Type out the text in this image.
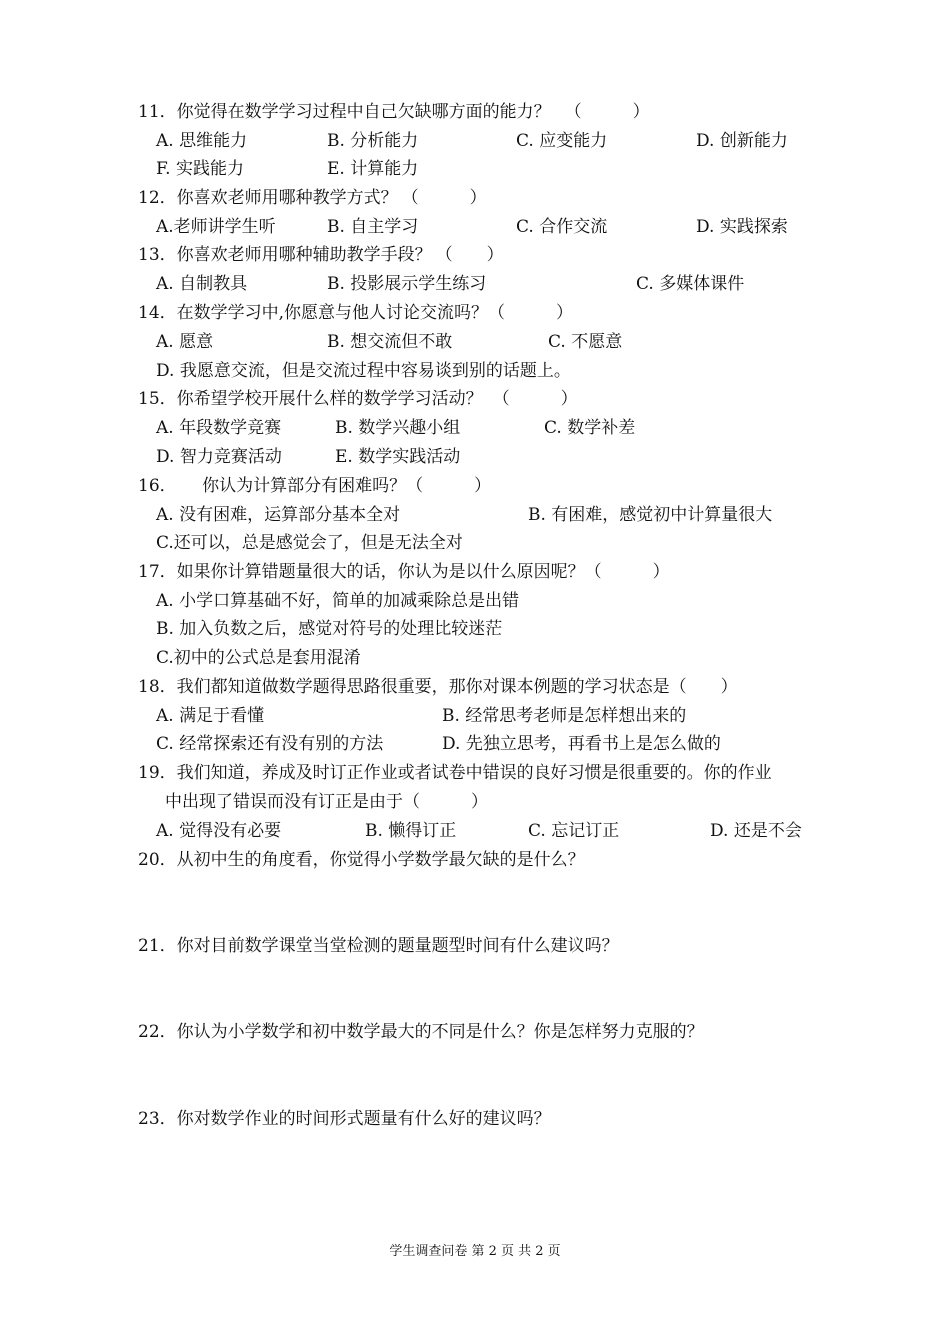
11．你觉得在数学学习过程中自己欠缺哪方面的能力？ （　　　）
A. 思维能力	B. 分析能力	C. 应变能力	D. 创新能力
F. 实践能力	E. 计算能力
12．你喜欢老师用哪种教学方式？ （　　　）
A.老师讲学生听	B. 自主学习	C. 合作交流	D. 实践探索
13．你喜欢老师用哪种辅助教学手段？ （　　）
A. 自制教具	B. 投影展示学生练习	C. 多媒体课件
14．在数学学习中,你愿意与他人讨论交流吗？（　　　）
A. 愿意	B. 想交流但不敢	C. 不愿意
D. 我愿意交流，但是交流过程中容易谈到别的话题上。
15．你希望学校开展什么样的数学学习活动？ （　　　）
A. 年段数学竞赛	B. 数学兴趣小组	C. 数学补差
D. 智力竞赛活动	E. 数学实践活动
16．　　你认为计算部分有困难吗？（　　　）
A. 没有困难，运算部分基本全对	B. 有困难，感觉初中计算量很大
C.还可以，总是感觉会了，但是无法全对
17．如果你计算错题量很大的话，你认为是以什么原因呢？（　　　）
A. 小学口算基础不好，简单的加减乘除总是出错
B. 加入负数之后，感觉对符号的处理比较迷茫
C.初中的公式总是套用混淆
18．我们都知道做数学题得思路很重要，那你对课本例题的学习状态是（　　）
A. 满足于看懂	B. 经常思考老师是怎样想出来的
C. 经常探索还有没有别的方法	D. 先独立思考，再看书上是怎么做的
19．我们知道，养成及时订正作业或者试卷中错误的良好习惯是很重要的。你的作业
中出现了错误而没有订正是由于（　　　）
A. 觉得没有必要	B. 懒得订正	C. 忘记订正	D. 还是不会
20．从初中生的角度看，你觉得小学数学最欠缺的是什么？
21．你对目前数学课堂当堂检测的题量题型时间有什么建议吗？
22．你认为小学数学和初中数学最大的不同是什么？你是怎样努力克服的？
23．你对数学作业的时间形式题量有什么好的建议吗？
学生调查问卷 第 2 页 共 2 页
